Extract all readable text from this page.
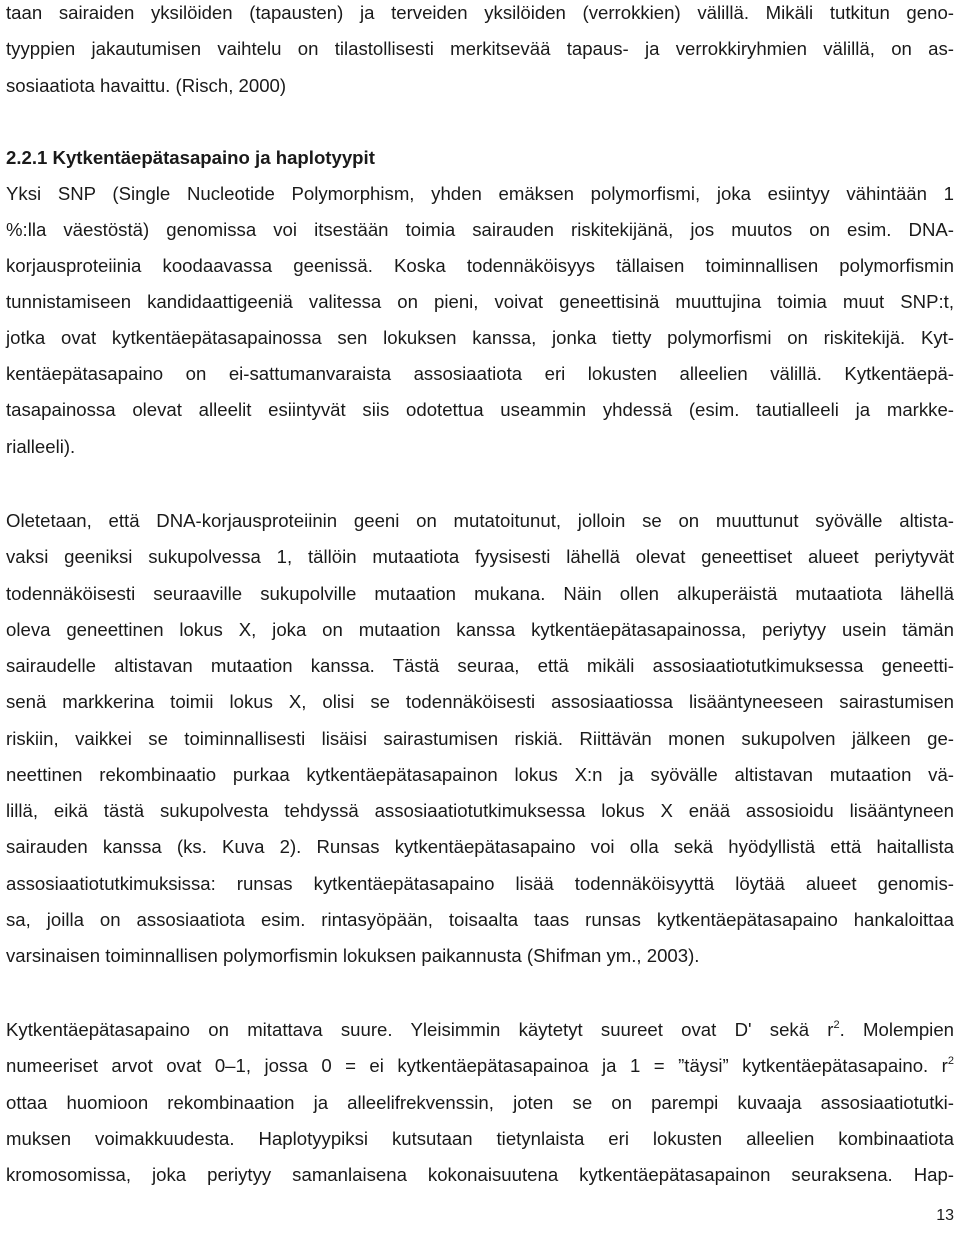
taan sairaiden yksilöiden (tapausten) ja terveiden yksilöiden (verrokkien) välillä. Mikäli tutkitun geno-
tyyppien jakautumisen vaihtelu on tilastollisesti merkitsevää tapaus- ja verrokkiryhmien välillä, on as-
sosiaatiota havaittu. (Risch, 2000)
2.2.1 Kytkentäepätasapaino ja haplotyypit
Yksi SNP (Single Nucleotide Polymorphism, yhden emäksen polymorfismi, joka esiintyy vähintään 1
%:lla väestöstä) genomissa voi itsestään toimia sairauden riskitekijänä, jos muutos on esim. DNA-
korjausproteiinia koodaavassa geenissä. Koska todennäköisyys tällaisen toiminnallisen polymorfismin
tunnistamiseen kandidaattigeeniä valitessa on pieni, voivat geneettisinä muuttujina toimia muut SNP:t,
jotka ovat kytkentäepätasapainossa sen lokuksen kanssa, jonka tietty polymorfismi on riskitekijä. Kyt-
kentäepätasapaino on ei-sattumanvaraista assosiaatiota eri lokusten alleelien välillä. Kytkentäepä-
tasapainossa olevat alleelit esiintyvät siis odotettua useammin yhdessä (esim. tautialleeli ja markke-
rialleeli).
Oletetaan, että DNA-korjausproteiinin geeni on mutatoitunut, jolloin se on muuttunut syövälle altista-
vaksi geeniksi sukupolvessa 1, tällöin mutaatiota fyysisesti lähellä olevat geneettiset alueet periytyvät
todennäköisesti seuraaville sukupolville mutaation mukana. Näin ollen alkuperäistä mutaatiota lähellä
oleva geneettinen lokus X, joka on mutaation kanssa kytkentäepätasapainossa, periytyy usein tämän
sairaudelle altistavan mutaation kanssa. Tästä seuraa, että mikäli assosiaatiotutkimuksessa geneetti-
senä markkerina toimii lokus X, olisi se todennäköisesti assosiaatiossa lisääntyneeseen sairastumisen
riskiin, vaikkei se toiminnallisesti lisäisi sairastumisen riskiä. Riittävän monen sukupolven jälkeen ge-
neettinen rekombinaatio purkaa kytkentäepätasapainon lokus X:n ja syövälle altistavan mutaation vä-
lillä, eikä tästä sukupolvesta tehdyssä assosiaatiotutkimuksessa lokus X enää assosioidu lisääntyneen
sairauden kanssa (ks. Kuva 2). Runsas kytkentäepätasapaino voi olla sekä hyödyllistä että haitallista
assosiaatiotutkimuksissa: runsas kytkentäepätasapaino lisää todennäköisyyttä löytää alueet genomis-
sa, joilla on assosiaatiota esim. rintasyöpään, toisaalta taas runsas kytkentäepätasapaino hankaloittaa
varsinaisen toiminnallisen polymorfismin lokuksen paikannusta (Shifman ym., 2003).
Kytkentäepätasapaino on mitattava suure. Yleisimmin käytetyt suureet ovat D' sekä $r^2$. Molempien
numeeriset arvot ovat 0–1, jossa 0 = ei kytkentäepätasapainoa ja 1 = ”täysi” kytkentäepätasapaino. $r^2$
ottaa huomioon rekombinaation ja alleelifrekvenssin, joten se on parempi kuvaaja assosiaatiotutki-
muksen voimakkuudesta. Haplotyypiksi kutsutaan tietynlaista eri lokusten alleelien kombinaatiota
kromosomissa, joka periytyy samanlaisena kokonaisuutena kytkentäepätasapainon seuraksena. Hap-
13
